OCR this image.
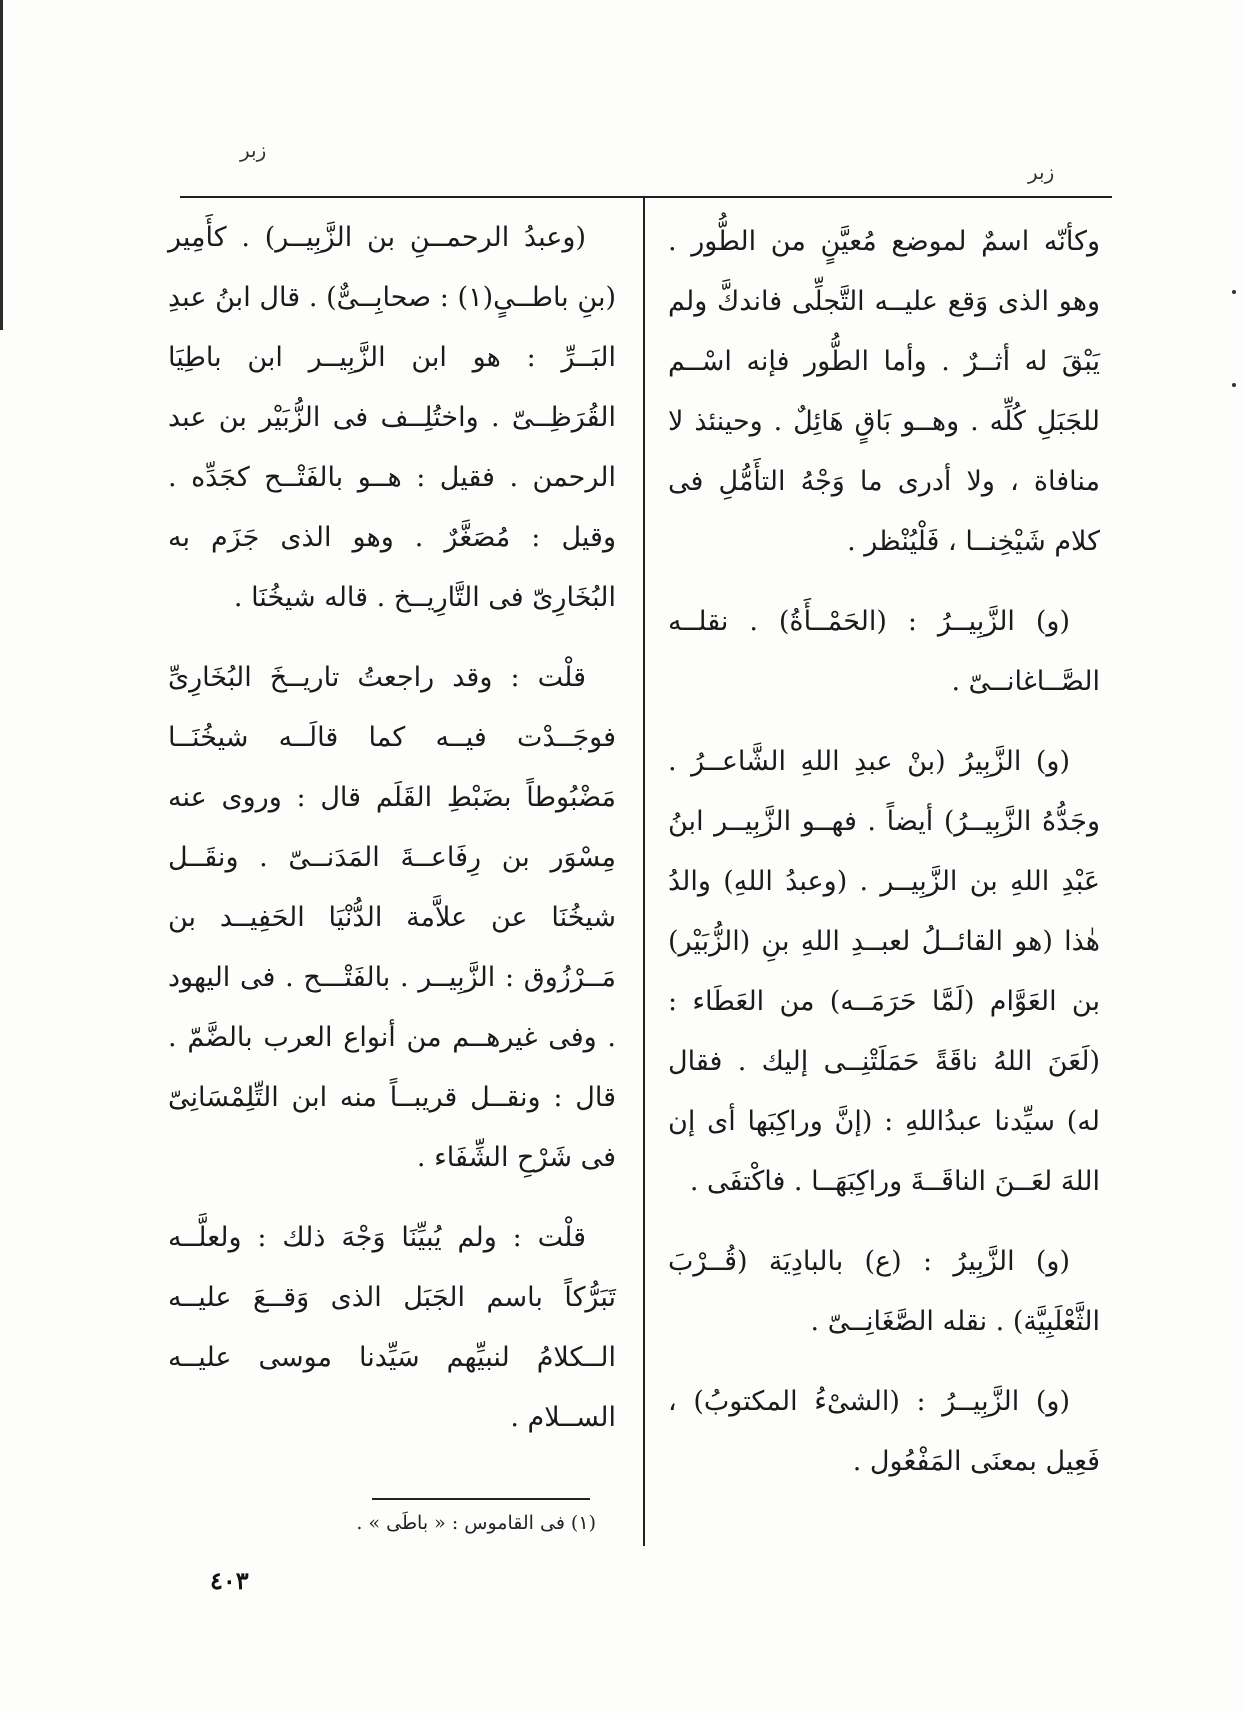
زبر
زبر

وكأنّه اسمٌ لموضع مُعيَّنٍ من الطُّور . وهو الذى وَقع عليــه التَّجلِّى فاندكَّ ولم يَبْقَ له أثــرٌ . وأما الطُّور فإنه اسْــم للجَبَلِ كُلِّه . وهــو بَاقٍ هَائِلٌ . وحينئذ لا منافاة ، ولا أدرى ما وَجْهُ التأَمُّلِ فى كلام شَيْخِنــا ، فَلْيُنْظر .

(و) الزَّبِيــرُ : (الحَمْــأَةُ) . نقلــه الصَّــاغانــىّ .

(و) الزَّبِيرُ (بنْ عبدِ اللهِ الشَّاعــرُ . وجَدُّهُ الزَّبِيــرُ) أيضاً . فهــو الزَّبِيــر ابنُ عَبْدِ اللهِ بن الزَّبِيــر . (وعبدُ اللهِ) والدُ هٰذا (هو القائــلُ لعبــدِ اللهِ بنِ (الزُّبَيْر) بن العَوَّام (لَمَّا حَرَمَــه) من العَطَاء : (لَعَنَ اللهُ ناقَةً حَمَلَتْنِــى إليك . فقال له) سيِّدنا عبدُاللهِ : (إنَّ وراكِبَها أى إن اللهَ لعَــنَ الناقَــةَ وراكِبَهَــا . فاكْتفَى .

(و) الزَّبِيرُ : (ع) بالبادِيَة (قُــرْبَ الثَّعْلَبِيَّة) . نقله الصَّغَانِــىّ .

(و) الزَّبِيــرُ : (الشىْءُ المكتوبُ) ، فَعِيل بمعنَى المَفْعُول .

(وعبدُ الرحمــنِ بن الزَّبِيــر) . كأَمِير (بنِ باطــىٍ(١) : صحابِــىٌّ) . قال ابنُ عبدِ البَــرِّ : هو ابن الزَّبِيــر ابن باطِيَا القُرَظِــىّ . واختُلِــف فى الزُّبَيْر بن عبد الرحمن . فقيل : هــو بالفَتْــح كجَدِّه . وقيل : مُصَغَّرٌ . وهو الذى جَزَم به البُخَارِىّ فى التَّارِيــخ . قاله شيخُنَا .

قلْت : وقد راجعتُ تاريــخَ البُخَارِىِّ فوجَــدْت فيــه كما قالَــه شيخُنَــا مَضْبُوطاً بضَبْطِ القَلَم قال : وروى عنه مِسْوَر بن رِفَاعــةَ المَدَنــىّ . ونقَــل شيخُنَا عن علاَّمة الدُّنْيَا الحَفِيــد بن مَــرْزُوق : الزَّبِيــر . بالفَتْـــح . فى اليهود . وفى غيرهــم من أنواع العرب بالضَّمّ . قال : ونقــل قريبــاً منه ابن التِّلِمْسَانِىّ فى شَرْحِ الشِّفَاء .

قلْت : ولم يُبيِّنَا وَجْهَ ذلك : ولعلَّــه تَبَرُّكاً باسم الجَبَل الذى وَقــعَ عليــه الــكلامُ لنبيِّهم سَيِّدنا موسى عليــه الســلام .

(١) فى القاموس : « باطَى » .
٤٠٣
